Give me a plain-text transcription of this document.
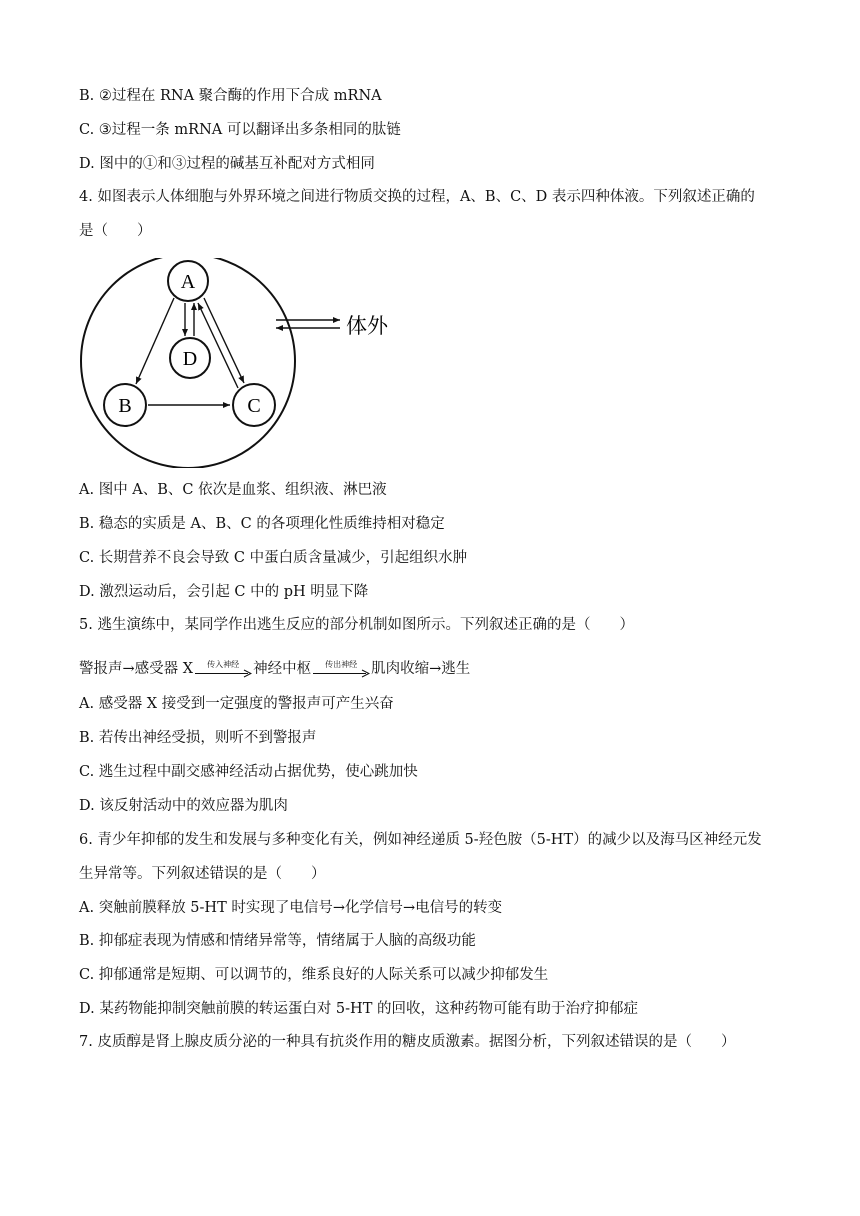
B. ②过程在 RNA 聚合酶的作用下合成 mRNA
C. ③过程一条 mRNA 可以翻译出多条相同的肽链
D. 图中的①和③过程的碱基互补配对方式相同
4. 如图表示人体细胞与外界环境之间进行物质交换的过程，A、B、C、D 表示四种体液。下列叙述正确的
是（　　）
A
D
B	C
体外
A. 图中 A、B、C 依次是血浆、组织液、淋巴液
B. 稳态的实质是 A、B、C 的各项理化性质维持相对稳定
C. 长期营养不良会导致 C 中蛋白质含量减少，引起组织水肿
D. 激烈运动后，会引起 C 中的 pH 明显下降
5. 逃生演练中，某同学作出逃生反应的部分机制如图所示。下列叙述正确的是（　　）
警报声→感受器 X 传入神经 神经中枢 传出神经 肌肉收缩→逃生
A. 感受器 X 接受到一定强度的警报声可产生兴奋
B. 若传出神经受损，则听不到警报声
C. 逃生过程中副交感神经活动占据优势，使心跳加快
D. 该反射活动中的效应器为肌肉
6. 青少年抑郁的发生和发展与多种变化有关，例如神经递质 5-羟色胺（5-HT）的减少以及海马区神经元发
生异常等。下列叙述错误的是（　　）
A. 突触前膜释放 5-HT 时实现了电信号→化学信号→电信号的转变
B. 抑郁症表现为情感和情绪异常等，情绪属于人脑的高级功能
C. 抑郁通常是短期、可以调节的，维系良好的人际关系可以减少抑郁发生
D. 某药物能抑制突触前膜的转运蛋白对 5-HT 的回收，这种药物可能有助于治疗抑郁症
7. 皮质醇是肾上腺皮质分泌的一种具有抗炎作用的糖皮质激素。据图分析，下列叙述错误的是（　　）
